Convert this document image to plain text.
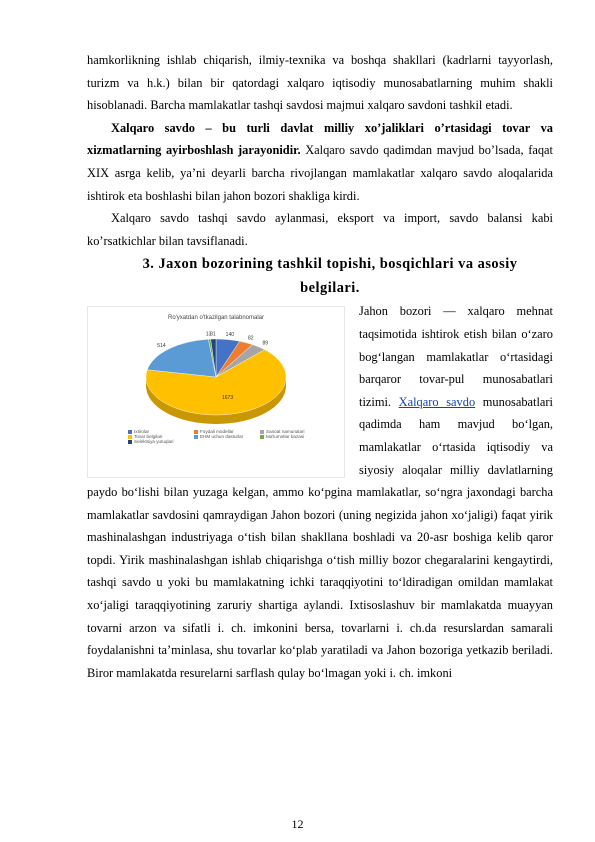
hamkorlikning ishlab chiqarish, ilmiy-texnika va boshqa shakllari (kadrlarni tayyorlash, turizm va h.k.) bilan bir qatordagi xalqaro iqtisodiy munosabatlarning muhim shakli hisoblanadi. Barcha mamlakatlar tashqi savdosi majmui xalqaro savdoni tashkil etadi.

Xalqaro savdo – bu turli davlat milliy xo’jaliklari o’rtasidagi tovar va xizmatlarning ayirboshlash jarayonidir. Xalqaro savdo qadimdan mavjud bo’lsada, faqat XIX asrga kelib, ya’ni deyarli barcha rivojlangan mamlakatlar xalqaro savdo aloqalarida ishtirok eta boshlashi bilan jahon bozori shakliga kirdi.

Xalqaro savdo tashqi savdo aylanmasi, eksport va import, savdo balansi kabi ko’rsatkichlar bilan tavsiflanadi.

3. Jaxon bozorining tashkil topishi, bosqichlari va asosiy
belgilari.
Ro'yxatdan o'tkazilgan talabnomalar
140
82
89
1673
514
13
31
Ixtirolar	Foydali modellar	Sanoat namunalariTovar belgilari	EHM uchun dasturlar	Ma'lumotlar bazasiSelektsiya yutuqlari

Jahon bozori — xalqaro mehnat taqsimotida ishtirok etish bilan oʻzaro bogʻlangan mamlakatlar oʻrtasidagi barqaror tovar-pul munosabatlari tizimi. Xalqaro savdo munosabatlari qadimda ham mavjud boʻlgan, mamlakatlar oʻrtasida iqtisodiy va siyosiy aloqalar milliy davlatlarning paydo boʻlishi bilan yuzaga kelgan, ammo koʻpgina mamlakatlar, soʻngra jaxondagi barcha mamlakatlar savdosini qamraydigan Jahon bozori (uning negizida jahon xoʻjaligi) faqat yirik mashinalashgan industriyaga oʻtish bilan shakllana boshladi va 20-asr boshiga kelib qaror topdi. Yirik mashinalashgan ishlab chiqarishga oʻtish milliy bozor chegaralarini kengaytirdi, tashqi savdo u yoki bu mamlakatning ichki taraqqiyotini toʻldiradigan omildan mamlakat xoʻjaligi taraqqiyotining zaruriy shartiga aylandi. Ixtisoslashuv bir mamlakatda muayyan tovarni arzon va sifatli i. ch. imkonini bersa, tovarlarni i. ch.da resurslardan samarali foydalanishni taʼminlasa, shu tovarlar koʻplab yaratiladi va Jahon bozoriga yetkazib beriladi. Biror mamlakatda resurelarni sarflash qulay boʻlmagan yoki i. ch. imkoni

12
